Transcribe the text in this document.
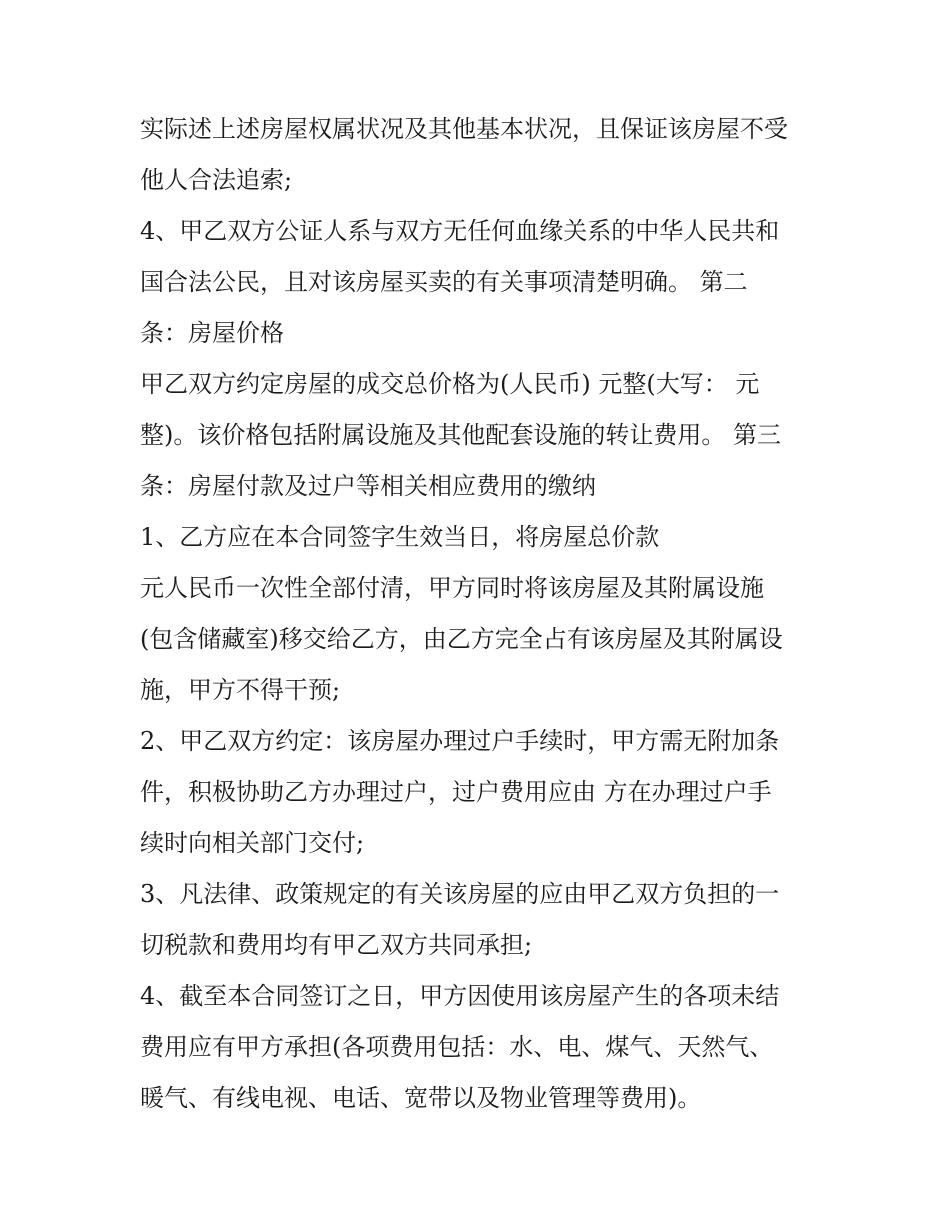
实际述上述房屋权属状况及其他基本状况，且保证该房屋不受
他人合法追索;
4、甲乙双方公证人系与双方无任何血缘关系的中华人民共和
国合法公民，且对该房屋买卖的有关事项清楚明确。 第二
条：房屋价格
甲乙双方约定房屋的成交总价格为(人民币) 元整(大写： 元
整)。该价格包括附属设施及其他配套设施的转让费用。 第三
条：房屋付款及过户等相关相应费用的缴纳
1、乙方应在本合同签字生效当日，将房屋总价款
元人民币一次性全部付清，甲方同时将该房屋及其附属设施
(包含储藏室)移交给乙方，由乙方完全占有该房屋及其附属设
施，甲方不得干预;
2、甲乙双方约定：该房屋办理过户手续时，甲方需无附加条
件，积极协助乙方办理过户，过户费用应由 方在办理过户手
续时向相关部门交付;
3、凡法律、政策规定的有关该房屋的应由甲乙双方负担的一
切税款和费用均有甲乙双方共同承担;
4、截至本合同签订之日，甲方因使用该房屋产生的各项未结
费用应有甲方承担(各项费用包括：水、电、煤气、天然气、
暖气、有线电视、电话、宽带以及物业管理等费用)。
